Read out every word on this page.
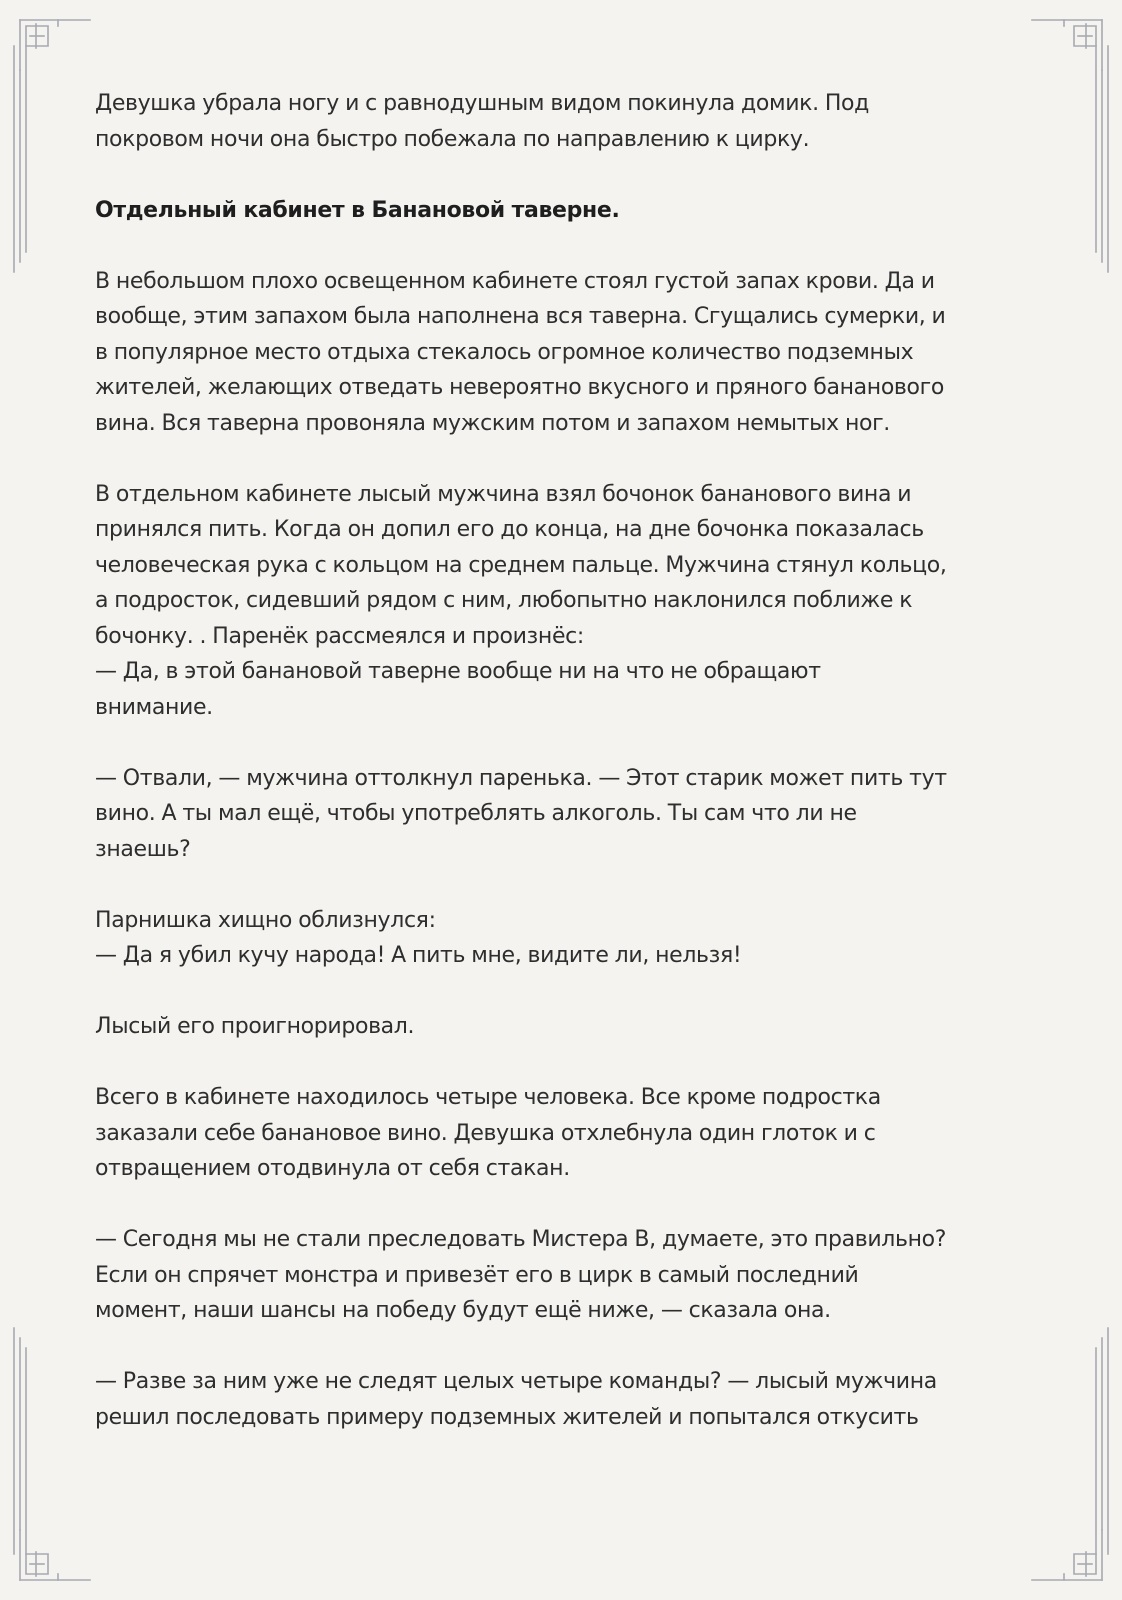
Девушка убрала ногу и с равнодушным видом покинула домик. Под
покровом ночи она быстро побежала по направлению к цирку.

Отдельный кабинет в Банановой таверне.

В небольшом плохо освещенном кабинете стоял густой запах крови. Да и
вообще, этим запахом была наполнена вся таверна. Сгущались сумерки, и
в популярное место отдыха стекалось огромное количество подземных
жителей, желающих отведать невероятно вкусного и пряного бананового
вина. Вся таверна провоняла мужским потом и запахом немытых ног.

В отдельном кабинете лысый мужчина взял бочонок бананового вина и
принялся пить. Когда он допил его до конца, на дне бочонка показалась
человеческая рука с кольцом на среднем пальце. Мужчина стянул кольцо,
а подросток, сидевший рядом с ним, любопытно наклонился поближе к
бочонку. . Паренёк рассмеялся и произнёс:
— Да, в этой банановой таверне вообще ни на что не обращают
внимание.

— Отвали, — мужчина оттолкнул паренька. — Этот старик может пить тут
вино. А ты мал ещё, чтобы употреблять алкоголь. Ты сам что ли не
знаешь?

Парнишка хищно облизнулся:
— Да я убил кучу народа! А пить мне, видите ли, нельзя!

Лысый его проигнорировал.

Всего в кабинете находилось четыре человека. Все кроме подростка
заказали себе банановое вино. Девушка отхлебнула один глоток и с
отвращением отодвинула от себя стакан.

— Сегодня мы не стали преследовать Мистера В, думаете, это правильно?
Если он спрячет монстра и привезёт его в цирк в самый последний
момент, наши шансы на победу будут ещё ниже, — сказала она.

— Разве за ним уже не следят целых четыре команды? — лысый мужчина
решил последовать примеру подземных жителей и попытался откусить
